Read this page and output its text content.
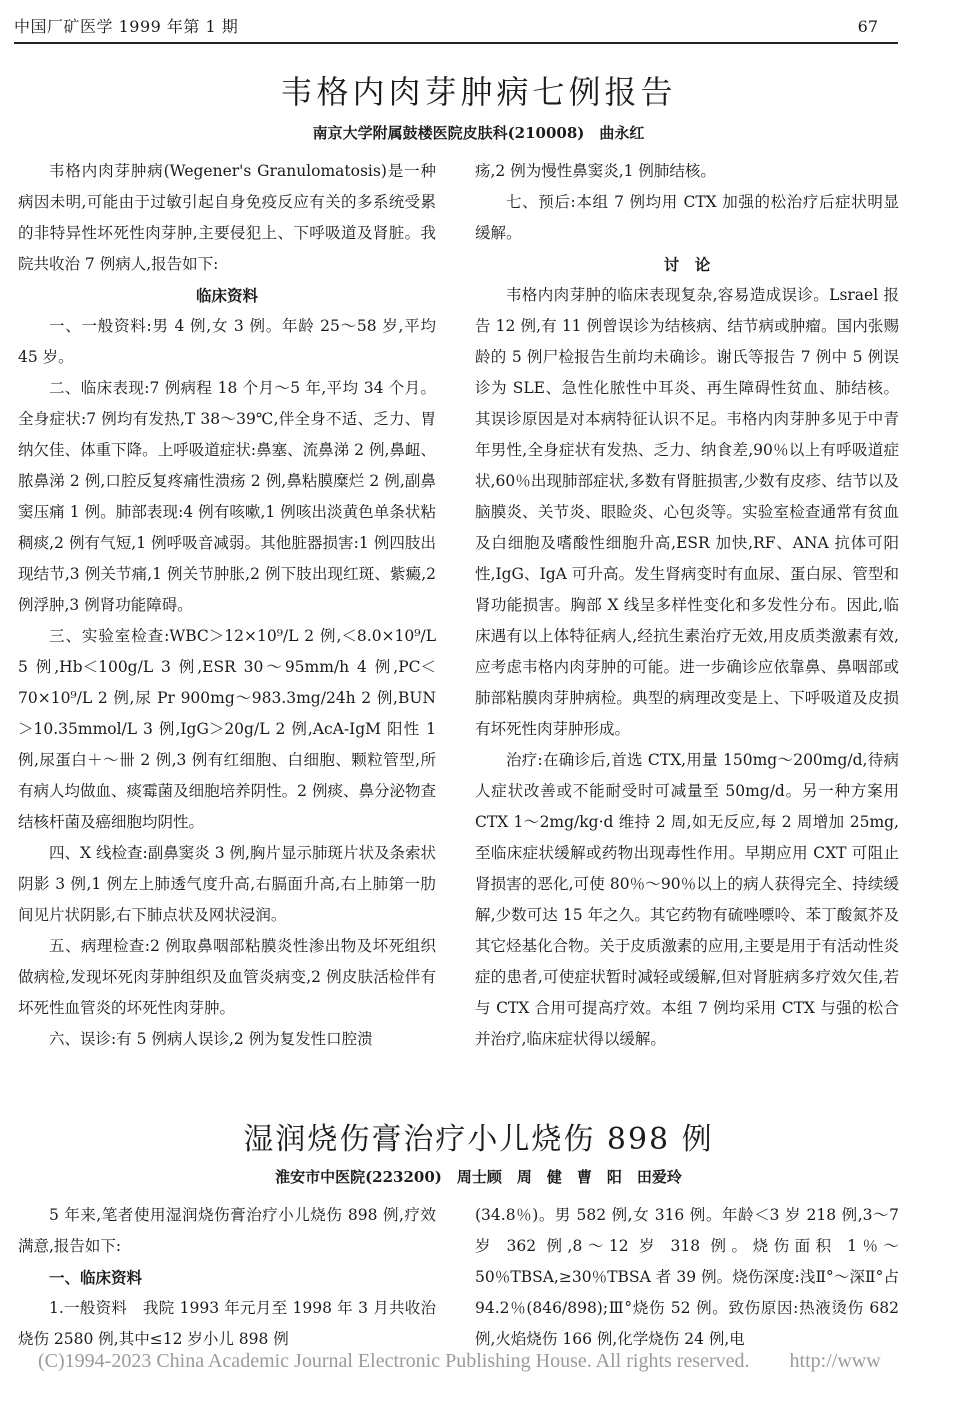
中国厂矿医学 1999 年第 1 期	67
韦格内肉芽肿病七例报告
南京大学附属鼓楼医院皮肤科(210008)　曲永红

韦格内肉芽肿病(Wegener's Granulomatosis)是一种病因未明,可能由于过敏引起自身免疫反应有关的多系统受累的非特异性坏死性肉芽肿,主要侵犯上、下呼吸道及肾脏。我院共收治 7 例病人,报告如下:

临床资料

一、一般资料:男 4 例,女 3 例。年龄 25～58 岁,平均 45 岁。

二、临床表现:7 例病程 18 个月～5 年,平均 34 个月。全身症状:7 例均有发热,T 38～39℃,伴全身不适、乏力、胃纳欠佳、体重下降。上呼吸道症状:鼻塞、流鼻涕 2 例,鼻衄、脓鼻涕 2 例,口腔反复疼痛性溃疡 2 例,鼻粘膜糜烂 2 例,副鼻窦压痛 1 例。肺部表现:4 例有咳嗽,1 例咳出淡黄色单条状粘稠痰,2 例有气短,1 例呼吸音减弱。其他脏器损害:1 例四肢出现结节,3 例关节痛,1 例关节肿胀,2 例下肢出现红斑、紫癜,2 例浮肿,3 例肾功能障碍。

三、实验室检查:WBC＞12×10⁹/L 2 例,＜8.0×10⁹/L 5 例,Hb＜100g/L 3 例,ESR 30～95mm/h 4 例,PC＜70×10⁹/L 2 例,尿 Pr 900mg～983.3mg/24h 2 例,BUN＞10.35mmol/L 3 例,IgG＞20g/L 2 例,AcA-IgM 阳性 1 例,尿蛋白＋～卌 2 例,3 例有红细胞、白细胞、颗粒管型,所有病人均做血、痰霉菌及细胞培养阴性。2 例痰、鼻分泌物查结核杆菌及癌细胞均阴性。

四、X 线检查:副鼻窦炎 3 例,胸片显示肺斑片状及条索状阴影 3 例,1 例左上肺透气度升高,右膈面升高,右上肺第一肋间见片状阴影,右下肺点状及网状浸润。

五、病理检查:2 例取鼻咽部粘膜炎性渗出物及坏死组织做病检,发现坏死肉芽肿组织及血管炎病变,2 例皮肤活检伴有坏死性血管炎的坏死性肉芽肿。

六、误诊:有 5 例病人误诊,2 例为复发性口腔溃

疡,2 例为慢性鼻窦炎,1 例肺结核。

七、预后:本组 7 例均用 CTX 加强的松治疗后症状明显缓解。

讨　论

韦格内肉芽肿的临床表现复杂,容易造成误诊。Lsrael 报告 12 例,有 11 例曾误诊为结核病、结节病或肿瘤。国内张赐龄的 5 例尸检报告生前均未确诊。谢氏等报告 7 例中 5 例误诊为 SLE、急性化脓性中耳炎、再生障碍性贫血、肺结核。其误诊原因是对本病特征认识不足。韦格内肉芽肿多见于中青年男性,全身症状有发热、乏力、纳食差,90％以上有呼吸道症状,60％出现肺部症状,多数有肾脏损害,少数有皮疹、结节以及脑膜炎、关节炎、眼睑炎、心包炎等。实验室检查通常有贫血及白细胞及嗜酸性细胞升高,ESR 加快,RF、ANA 抗体可阳性,IgG、IgA 可升高。发生肾病变时有血尿、蛋白尿、管型和肾功能损害。胸部 X 线呈多样性变化和多发性分布。因此,临床遇有以上体特征病人,经抗生素治疗无效,用皮质类激素有效,应考虑韦格内肉芽肿的可能。进一步确诊应依靠鼻、鼻咽部或肺部粘膜肉芽肿病检。典型的病理改变是上、下呼吸道及皮损有坏死性肉芽肿形成。

治疗:在确诊后,首选 CTX,用量 150mg～200mg/d,待病人症状改善或不能耐受时可减量至 50mg/d。另一种方案用 CTX 1～2mg/kg·d 维持 2 周,如无反应,每 2 周增加 25mg,至临床症状缓解或药物出现毒性作用。早期应用 CXT 可阻止肾损害的恶化,可使 80％～90％以上的病人获得完全、持续缓解,少数可达 15 年之久。其它药物有硫唑嘌呤、苯丁酸氮芥及其它烃基化合物。关于皮质激素的应用,主要是用于有活动性炎症的患者,可使症状暂时减轻或缓解,但对肾脏病多疗效欠佳,若与 CTX 合用可提高疗效。本组 7 例均采用 CTX 与强的松合并治疗,临床症状得以缓解。

湿润烧伤膏治疗小儿烧伤 898 例
淮安市中医院(223200)　周士顾　周　健　曹　阳　田爱玲

5 年来,笔者使用湿润烧伤膏治疗小儿烧伤 898 例,疗效满意,报告如下:

一、临床资料

1.一般资料　我院 1993 年元月至 1998 年 3 月共收治烧伤 2580 例,其中≤12 岁小儿 898 例

(34.8％)。男 582 例,女 316 例。年龄＜3 岁 218 例,3～7 岁 362 例,8～12 岁 318 例。烧伤面积 1％～50％TBSA,≥30％TBSA 者 39 例。烧伤深度:浅Ⅱ°～深Ⅱ°占 94.2％(846/898);Ⅲ°烧伤 52 例。致伤原因:热液烫伤 682 例,火焰烧伤 166 例,化学烧伤 24 例,电

(C)1994-2023 China Academic Journal Electronic Publishing House. All rights reserved.　　http://www
